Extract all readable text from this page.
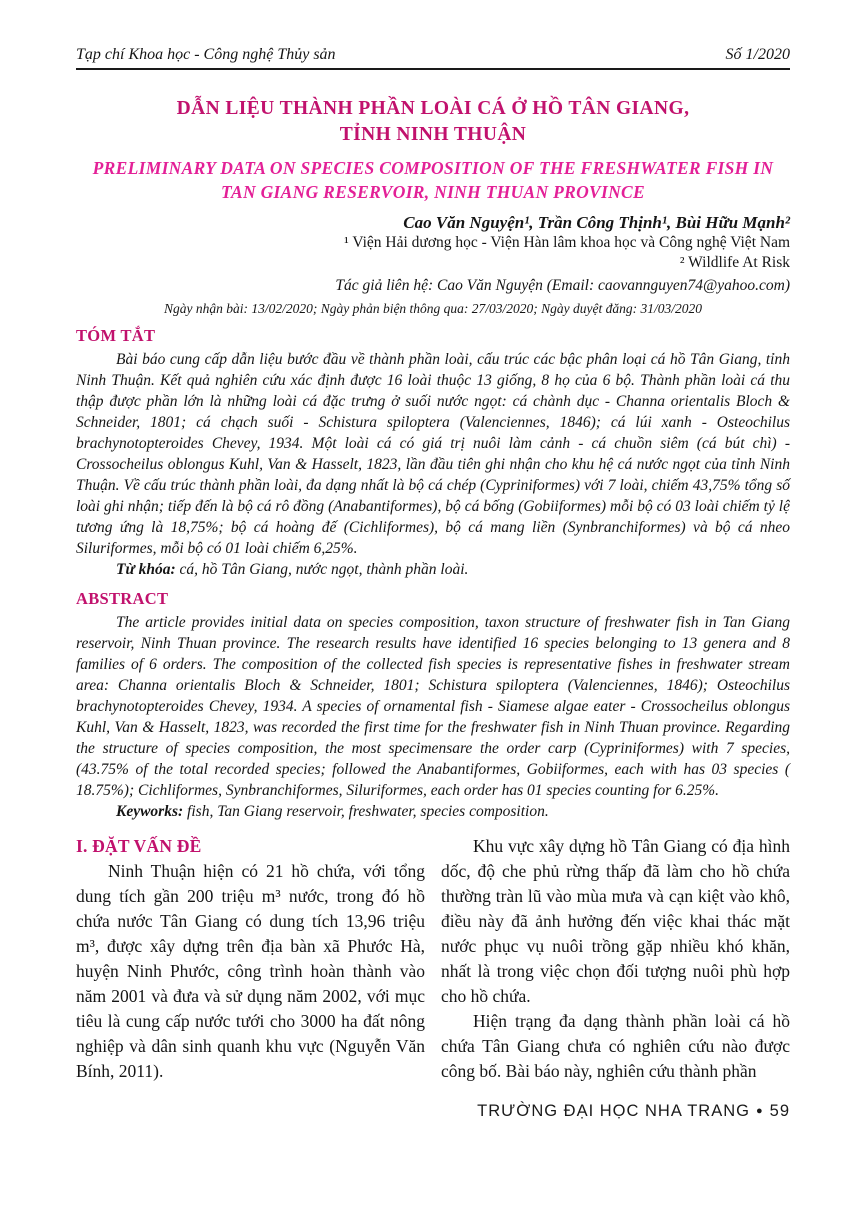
Tạp chí Khoa học - Công nghệ Thủy sản	Số 1/2020
DẪN LIỆU THÀNH PHẦN LOÀI CÁ Ở HỒ TÂN GIANG,
TỈNH NINH THUẬN
PRELIMINARY DATA ON SPECIES COMPOSITION OF THE FRESHWATER FISH IN
TAN GIANG RESERVOIR, NINH THUAN PROVINCE
Cao Văn Nguyện¹, Trần Công Thịnh¹, Bùi Hữu Mạnh²
¹ Viện Hải dương học - Viện Hàn lâm khoa học và Công nghệ Việt Nam
² Wildlife At Risk
Tác giả liên hệ: Cao Văn Nguyện (Email: caovannguyen74@yahoo.com)
Ngày nhận bài: 13/02/2020; Ngày phản biện thông qua: 27/03/2020; Ngày duyệt đăng: 31/03/2020
TÓM TẮT

Bài báo cung cấp dẫn liệu bước đầu về thành phần loài, cấu trúc các bậc phân loại cá hồ Tân Giang, tỉnh Ninh Thuận. Kết quả nghiên cứu xác định được 16 loài thuộc 13 giống, 8 họ của 6 bộ. Thành phần loài cá thu thập được phần lớn là những loài cá đặc trưng ở suối nước ngọt: cá chành dục - Channa orientalis Bloch & Schneider, 1801; cá chạch suối - Schistura spiloptera (Valenciennes, 1846); cá lúi xanh - Osteochilus brachynotopteroides Chevey, 1934. Một loài cá có giá trị nuôi làm cảnh - cá chuồn siêm (cá bút chì) - Crossocheilus oblongus Kuhl, Van & Hasselt, 1823, lần đầu tiên ghi nhận cho khu hệ cá nước ngọt của tỉnh Ninh Thuận. Về cấu trúc thành phần loài, đa dạng nhất là bộ cá chép (Cypriniformes) với 7 loài, chiếm 43,75% tổng số loài ghi nhận; tiếp đến là bộ cá rô đồng (Anabantiformes), bộ cá bống (Gobiiformes) mỗi bộ có 03 loài chiếm tỷ lệ tương ứng là 18,75%; bộ cá hoàng đế (Cichliformes), bộ cá mang liền (Synbranchiformes) và bộ cá nheo Siluriformes, mỗi bộ có 01 loài chiếm 6,25%.

Từ khóa: cá, hồ Tân Giang, nước ngọt, thành phần loài.

ABSTRACT

The article provides initial data on species composition, taxon structure of freshwater fish in Tan Giang reservoir, Ninh Thuan province. The research results have identified 16 species belonging to 13 genera and 8 families of 6 orders. The composition of the collected fish species is representative fishes in freshwater stream area: Channa orientalis Bloch & Schneider, 1801; Schistura spiloptera (Valenciennes, 1846); Osteochilus brachynotopteroides Chevey, 1934. A species of ornamental fish - Siamese algae eater - Crossocheilus oblongus Kuhl, Van & Hasselt, 1823, was recorded the first time for the freshwater fish in Ninh Thuan province. Regarding the structure of species composition, the most specimensare the order carp (Cypriniformes) with 7 species, (43.75% of the total recorded species; followed the Anabantiformes, Gobiiformes, each with has 03 species ( 18.75%); Cichliformes, Synbranchiformes, Siluriformes, each order has 01 species counting for 6.25%.

Keyworks: fish, Tan Giang reservoir, freshwater, species composition.

I. ĐẶT VẤN ĐỀ

Ninh Thuận hiện có 21 hồ chứa, với tổng dung tích gần 200 triệu m³ nước, trong đó hồ chứa nước Tân Giang có dung tích 13,96 triệu m³, được xây dựng trên địa bàn xã Phước Hà, huyện Ninh Phước, công trình hoàn thành vào năm 2001 và đưa và sử dụng năm 2002, với mục tiêu là cung cấp nước tưới cho 3000 ha đất nông nghiệp và dân sinh quanh khu vực (Nguyễn Văn Bính, 2011).

Khu vực xây dựng hồ Tân Giang có địa hình dốc, độ che phủ rừng thấp đã làm cho hồ chứa thường tràn lũ vào mùa mưa và cạn kiệt vào khô, điều này đã ảnh hưởng đến việc khai thác mặt nước phục vụ nuôi trồng gặp nhiều khó khăn, nhất là trong việc chọn đối tượng nuôi phù hợp cho hồ chứa.

Hiện trạng đa dạng thành phần loài cá hồ chứa Tân Giang chưa có nghiên cứu nào được công bố. Bài báo này, nghiên cứu thành phần

TRƯỜNG ĐẠI HỌC NHA TRANG ● 59
